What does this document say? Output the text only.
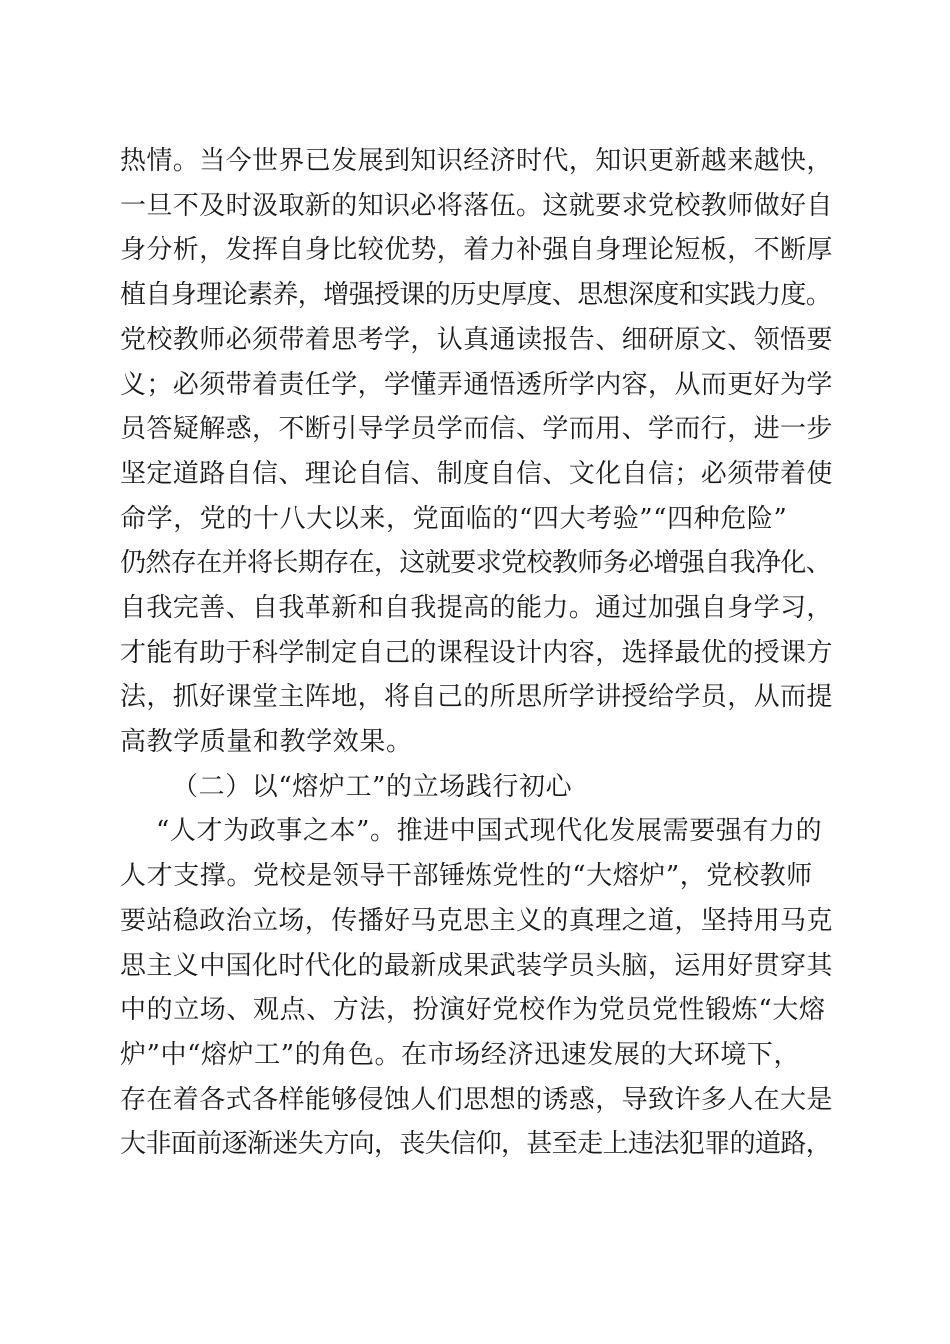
热情。当今世界已发展到知识经济时代，知识更新越来越快，
一旦不及时汲取新的知识必将落伍。这就要求党校教师做好自
身分析，发挥自身比较优势，着力补强自身理论短板，不断厚
植自身理论素养，增强授课的历史厚度、思想深度和实践力度。
党校教师必须带着思考学，认真通读报告、细研原文、领悟要
义；必须带着责任学，学懂弄通悟透所学内容，从而更好为学
员答疑解惑，不断引导学员学而信、学而用、学而行，进一步
坚定道路自信、理论自信、制度自信、文化自信；必须带着使
命学，党的十八大以来，党面临的“四大考验”“四种危险”
仍然存在并将长期存在，这就要求党校教师务必增强自我净化、
自我完善、自我革新和自我提高的能力。通过加强自身学习，
才能有助于科学制定自己的课程设计内容，选择最优的授课方
法，抓好课堂主阵地，将自己的所思所学讲授给学员，从而提
高教学质量和教学效果。
（二）以“熔炉工”的立场践行初心
“人才为政事之本”。推进中国式现代化发展需要强有力的
人才支撑。党校是领导干部锤炼党性的“大熔炉”，党校教师
要站稳政治立场，传播好马克思主义的真理之道，坚持用马克
思主义中国化时代化的最新成果武装学员头脑，运用好贯穿其
中的立场、观点、方法，扮演好党校作为党员党性锻炼“大熔
炉”中“熔炉工”的角色。在市场经济迅速发展的大环境下，
存在着各式各样能够侵蚀人们思想的诱惑，导致许多人在大是
大非面前逐渐迷失方向，丧失信仰，甚至走上违法犯罪的道路，
